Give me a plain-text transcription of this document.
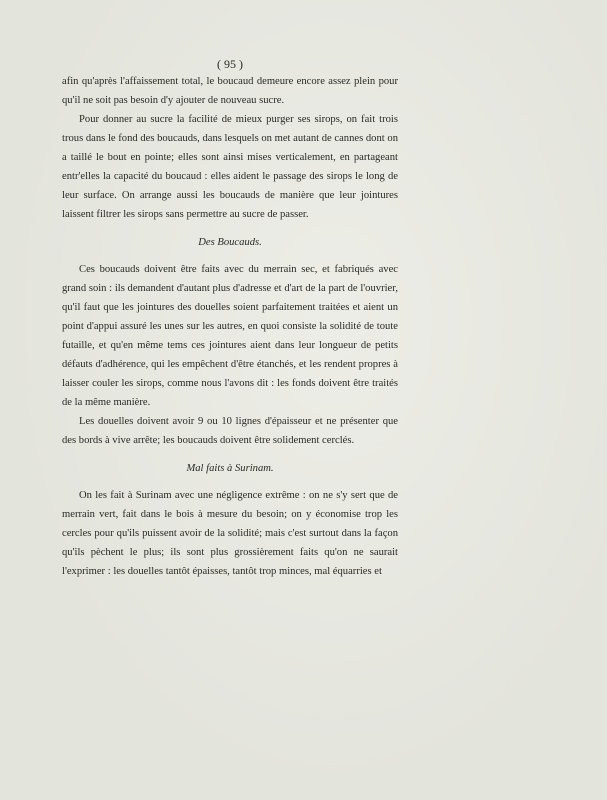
( 95 )

afin qu'après l'affaissement total, le boucaud demeure encore assez plein pour qu'il ne soit pas besoin d'y ajouter de nouveau sucre.

Pour donner au sucre la facilité de mieux purger ses sirops, on fait trois trous dans le fond des boucauds, dans lesquels on met autant de cannes dont on a taillé le bout en pointe; elles sont ainsi mises verticalement, en partageant entr'elles la capacité du boucaud : elles aident le passage des sirops le long de leur surface. On arrange aussi les boucauds de manière que leur jointures laissent filtrer les sirops sans permettre au sucre de passer.

Des Boucauds.

Ces boucauds doivent être faits avec du merrain sec, et fabriqués avec grand soin : ils demandent d'autant plus d'adresse et d'art de la part de l'ouvrier, qu'il faut que les jointures des douelles soient parfaitement traitées et aient un point d'appui assuré les unes sur les autres, en quoi consiste la solidité de toute futaille, et qu'en même tems ces jointures aient dans leur longueur de petits défauts d'adhérence, qui les empêchent d'être étanchés, et les rendent propres à laisser couler les sirops, comme nous l'avons dit : les fonds doivent être traités de la même manière.

Les douelles doivent avoir 9 ou 10 lignes d'épaisseur et ne présenter que des bords à vive arrête; les boucauds doivent être solidement cerclés.

Mal faits à Surinam.

On les fait à Surinam avec une négligence extrême : on ne s'y sert que de merrain vert, fait dans le bois à mesure du besoin; on y économise trop les cercles pour qu'ils puissent avoir de la solidité; mais c'est surtout dans la façon qu'ils pèchent le plus; ils sont plus grossièrement faits qu'on ne saurait l'exprimer : les douelles tantôt épaisses, tantôt trop minces, mal équarries et
